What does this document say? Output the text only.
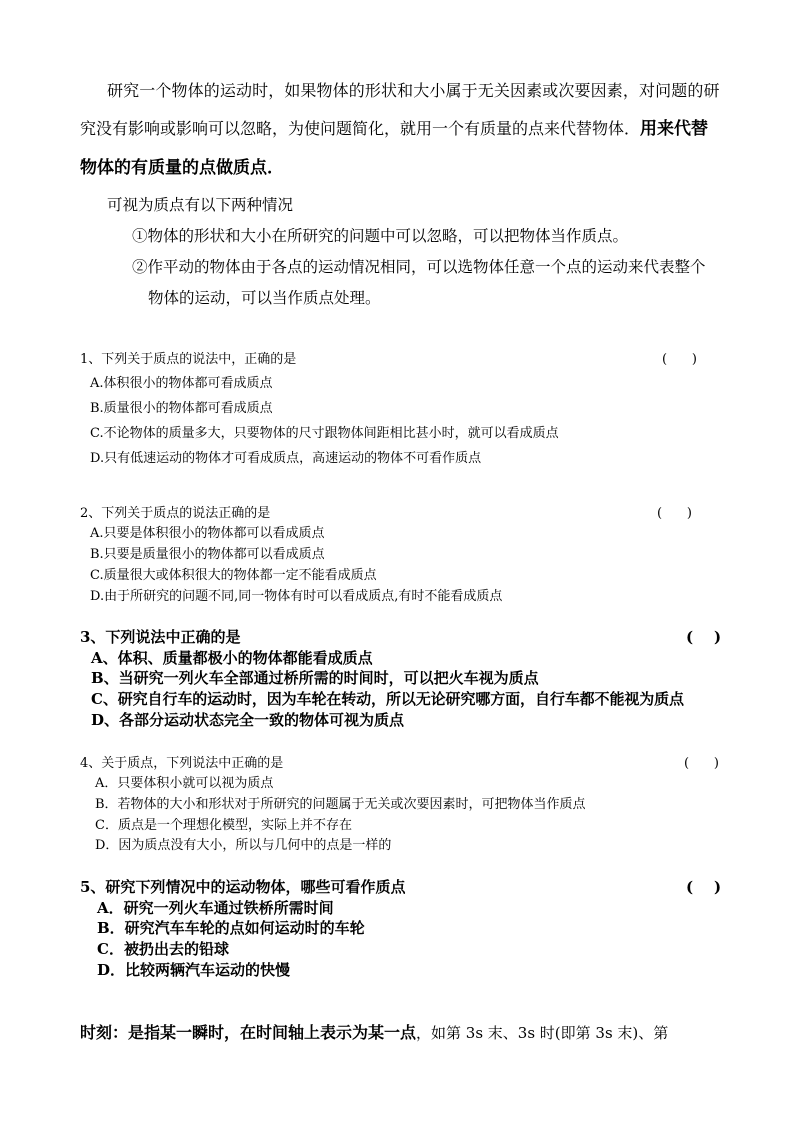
研究一个物体的运动时，如果物体的形状和大小属于无关因素或次要因素，对问题的研
究没有影响或影响可以忽略，为使问题简化，就用一个有质量的点来代替物体．用来代替
物体的有质量的点做质点．
可视为质点有以下两种情况
①物体的形状和大小在所研究的问题中可以忽略，可以把物体当作质点。
②作平动的物体由于各点的运动情况相同，可以选物体任意一个点的运动来代表整个
物体的运动，可以当作质点处理。
1、下列关于质点的说法中，正确的是	(      )
A.体积很小的物体都可看成质点
B.质量很小的物体都可看成质点
C.不论物体的质量多大，只要物体的尺寸跟物体间距相比甚小时，就可以看成质点
D.只有低速运动的物体才可看成质点，高速运动的物体不可看作质点
2、下列关于质点的说法正确的是	(      )
A.只要是体积很小的物体都可以看成质点
B.只要是质量很小的物体都可以看成质点
C.质量很大或体积很大的物体都一定不能看成质点
D.由于所研究的问题不同,同一物体有时可以看成质点,有时不能看成质点
3、下列说法中正确的是	(    )
A、体积、质量都极小的物体都能看成质点
B、当研究一列火车全部通过桥所需的时间时，可以把火车视为质点
C、研究自行车的运动时，因为车轮在转动，所以无论研究哪方面，自行车都不能视为质点
D、各部分运动状态完全一致的物体可视为质点
4、关于质点，下列说法中正确的是	(      )
A．只要体积小就可以视为质点
B．若物体的大小和形状对于所研究的问题属于无关或次要因素时，可把物体当作质点
C．质点是一个理想化模型，实际上并不存在
D．因为质点没有大小，所以与几何中的点是一样的
5、研究下列情况中的运动物体，哪些可看作质点	(    )
A．研究一列火车通过铁桥所需时间
B．研究汽车车轮的点如何运动时的车轮
C．被扔出去的铅球
D．比较两辆汽车运动的快慢
时刻：是指某一瞬时，在时间轴上表示为某一点，如第 3s 末、3s 时(即第 3s 末)、第
